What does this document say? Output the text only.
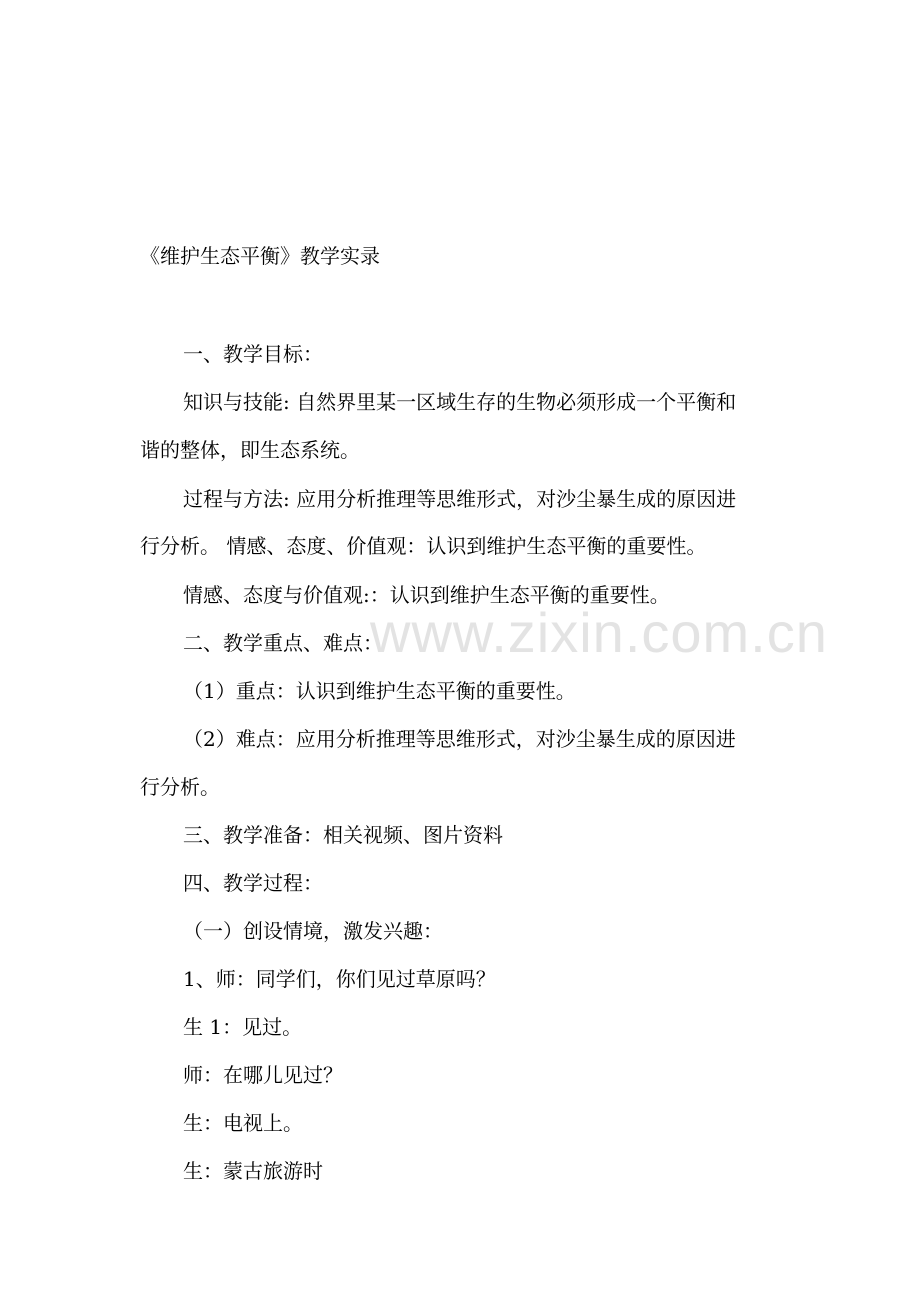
www.zixin.com.cn
《维护生态平衡》教学实录
一、教学目标：
知识与技能: 自然界里某一区域生存的生物必须形成一个平衡和
谐的整体，即生态系统。
过程与方法: 应用分析推理等思维形式，对沙尘暴生成的原因进
行分析。 情感、态度、价值观：认识到维护生态平衡的重要性。
情感、态度与价值观:：认识到维护生态平衡的重要性。
二、教学重点、难点：
（1）重点：认识到维护生态平衡的重要性。
（2）难点：应用分析推理等思维形式，对沙尘暴生成的原因进
行分析。
三、教学准备：相关视频、图片资料
四、教学过程：
（一）创设情境，激发兴趣：
1、师：同学们，你们见过草原吗？
生 1：见过。
师：在哪儿见过？
生：电视上。
生：蒙古旅游时
